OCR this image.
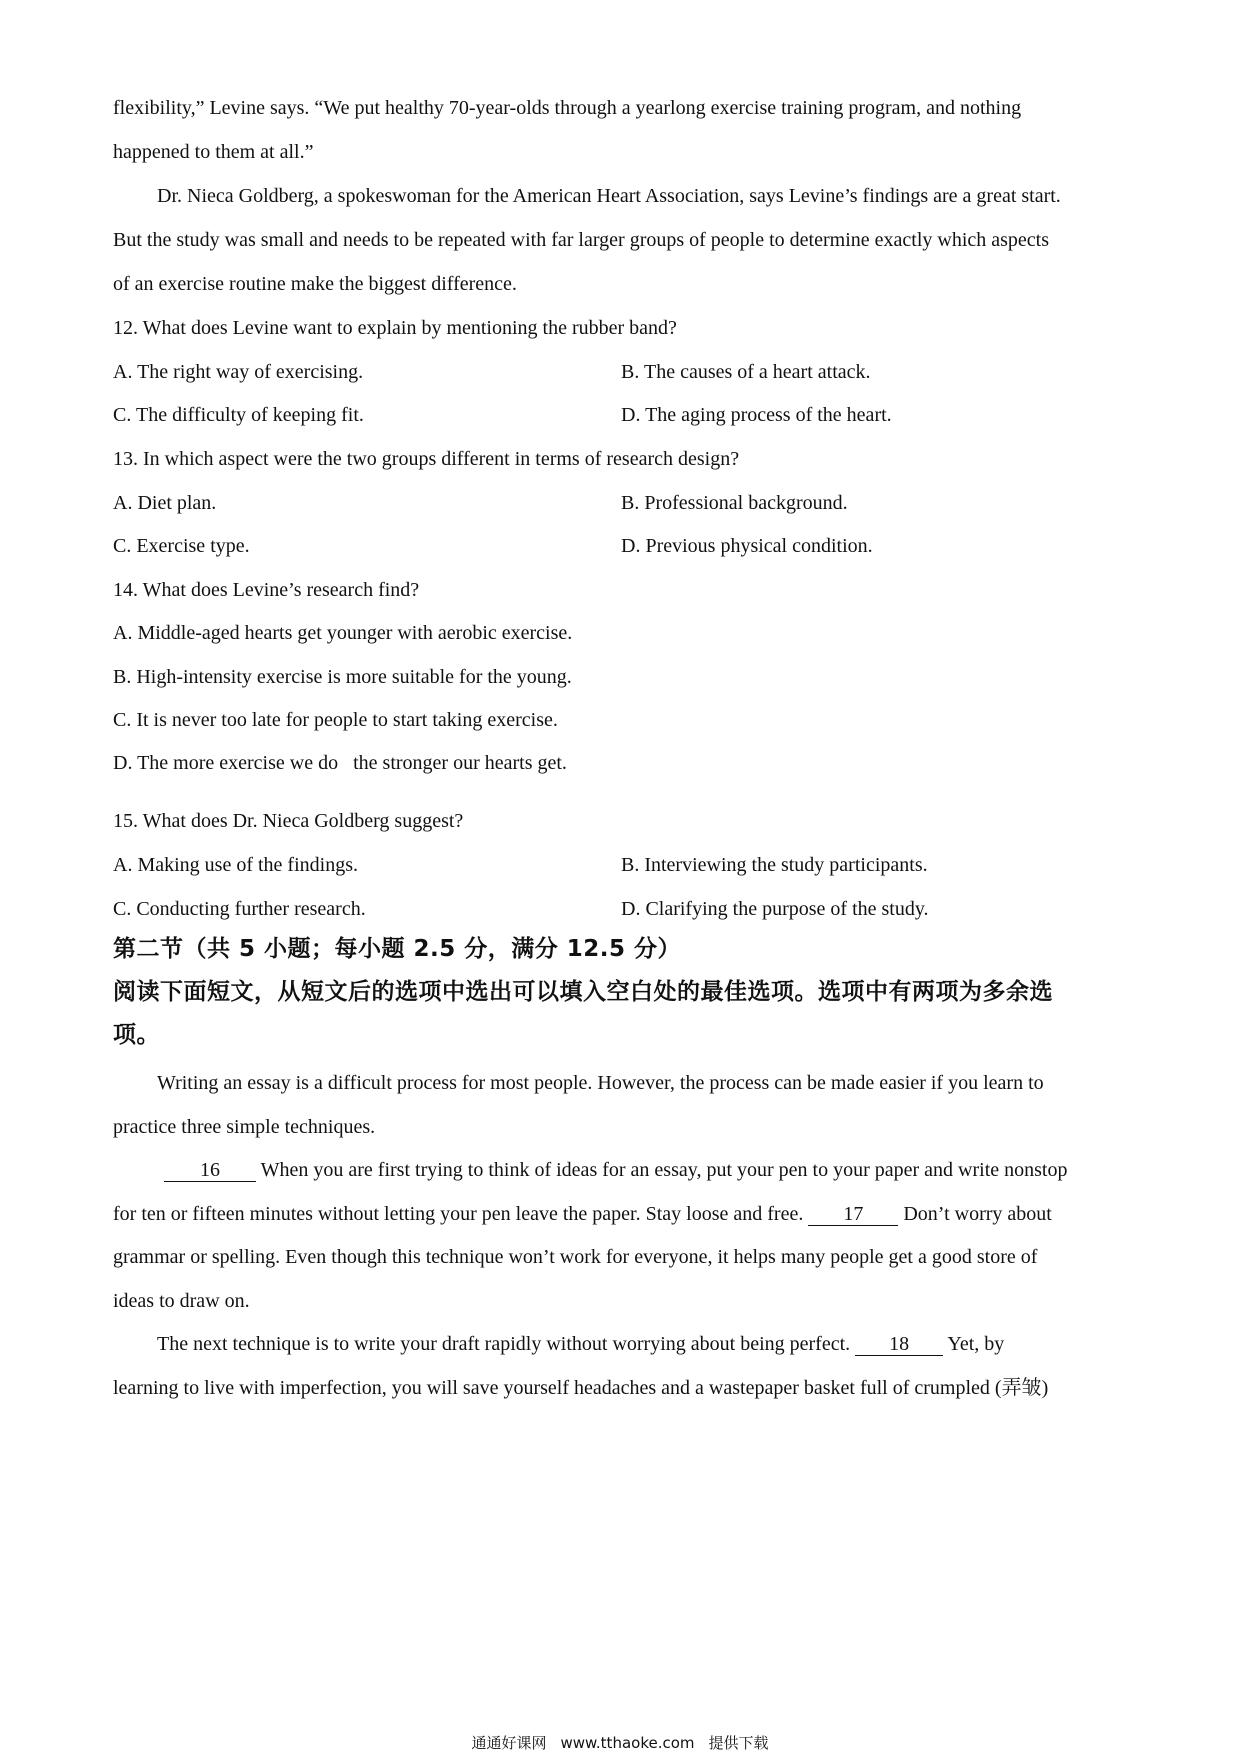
flexibility,” Levine says. “We put healthy 70-year-olds through a yearlong exercise training program, and nothing
happened to them at all.”
Dr. Nieca Goldberg, a spokeswoman for the American Heart Association, says Levine’s findings are a great start.
But the study was small and needs to be repeated with far larger groups of people to determine exactly which aspects
of an exercise routine make the biggest difference.
12. What does Levine want to explain by mentioning the rubber band?
A. The right way of exercising.	B. The causes of a heart attack.
C. The difficulty of keeping fit.	D. The aging process of the heart.
13. In which aspect were the two groups different in terms of research design?
A. Diet plan.	B. Professional background.
C. Exercise type.	D. Previous physical condition.
14. What does Levine’s research find?
A. Middle-aged hearts get younger with aerobic exercise.
B. High-intensity exercise is more suitable for the young.
C. It is never too late for people to start taking exercise.
D. The more exercise we do   the stronger our hearts get.
15. What does Dr. Nieca Goldberg suggest?
A. Making use of the findings.	B. Interviewing the study participants.
C. Conducting further research.	D. Clarifying the purpose of the study.
第二节（共 5 小题；每小题 2.5 分，满分 12.5 分）
阅读下面短文，从短文后的选项中选出可以填入空白处的最佳选项。选项中有两项为多余选
项。
Writing an essay is a difficult process for most people. However, the process can be made easier if you learn to
practice three simple techniques.
16 When you are first trying to think of ideas for an essay, put your pen to your paper and write nonstop
for ten or fifteen minutes without letting your pen leave the paper. Stay loose and free. 17 Don’t worry about
grammar or spelling. Even though this technique won’t work for everyone, it helps many people get a good store of
ideas to draw on.
The next technique is to write your draft rapidly without worrying about being perfect. 18 Yet, by
learning to live with imperfection, you will save yourself headaches and a wastepaper basket full of crumpled (弄皱)
通通好课网 www.tthaoke.com 提供下载
